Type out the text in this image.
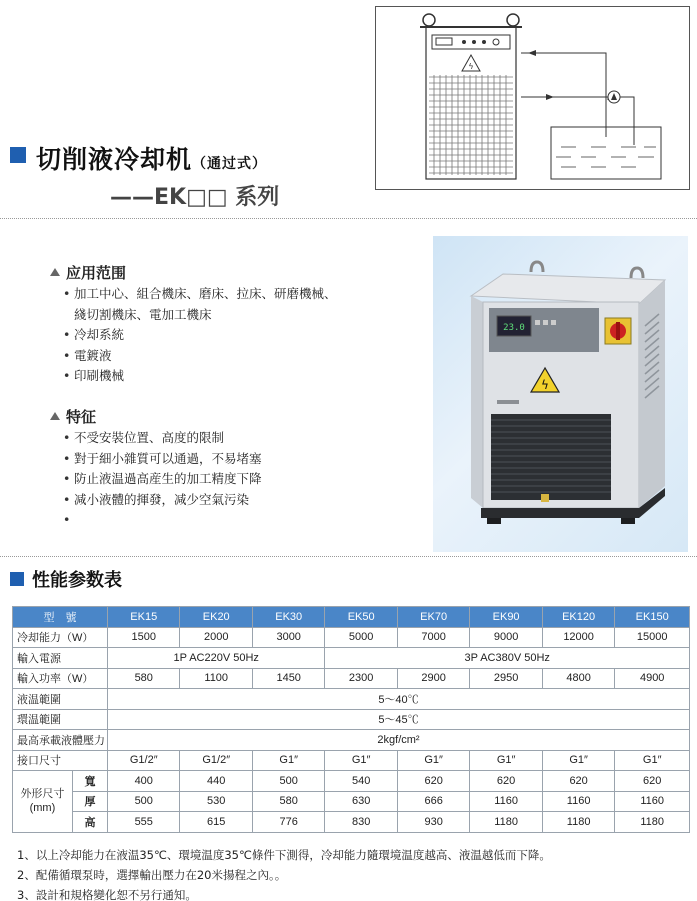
ϟ
切削液冷却机（通过式）
——EK□□ 系列
应用范围
• 加工中心、組合機床、磨床、拉床、研磨機械、
綫切割機床、電加工機床
• 冷却系統
• 電鍍液
• 印刷機械
特征
• 不受安裝位置、高度的限制
• 對于細小雜質可以通過，不易堵塞
• 防止液温過高産生的加工精度下降
• 减小液體的揮發，减少空氣污染
23.0
ϟ
性能参数表
型　號		EK15	EK20	EK30	EK50	EK70	EK90	EK120	EK150
冷却能力（W）		1500	2000	3000	5000	7000	9000	12000	15000
輸入電源		1P AC220V 50Hz			3P AC380V 50Hz				
輸入功率（W）		580	1100	1450	2300	2900	2950	4800	4900
液温範圍		5～40℃							
環温範圍		5～45℃							
最高承載液體壓力		2kgf/cm²							
接口尺寸		G1/2″	G1/2″	G1″	G1″	G1″	G1″	G1″	G1″

外形尺寸
(mm)	寬	400	440	500	540	620	620	620	620
	厚	500	530	580	630	666	1160	1160	1160
	高	555	615	776	830	930	1180	1180	1180
1、以上冷却能力在液温35℃、環境温度35℃條件下測得，冷却能力隨環境温度越高、液温越低而下降。
2、配備循環泵時，選擇輸出壓力在20米揚程之內。。
3、設計和規格變化恕不另行通知。
